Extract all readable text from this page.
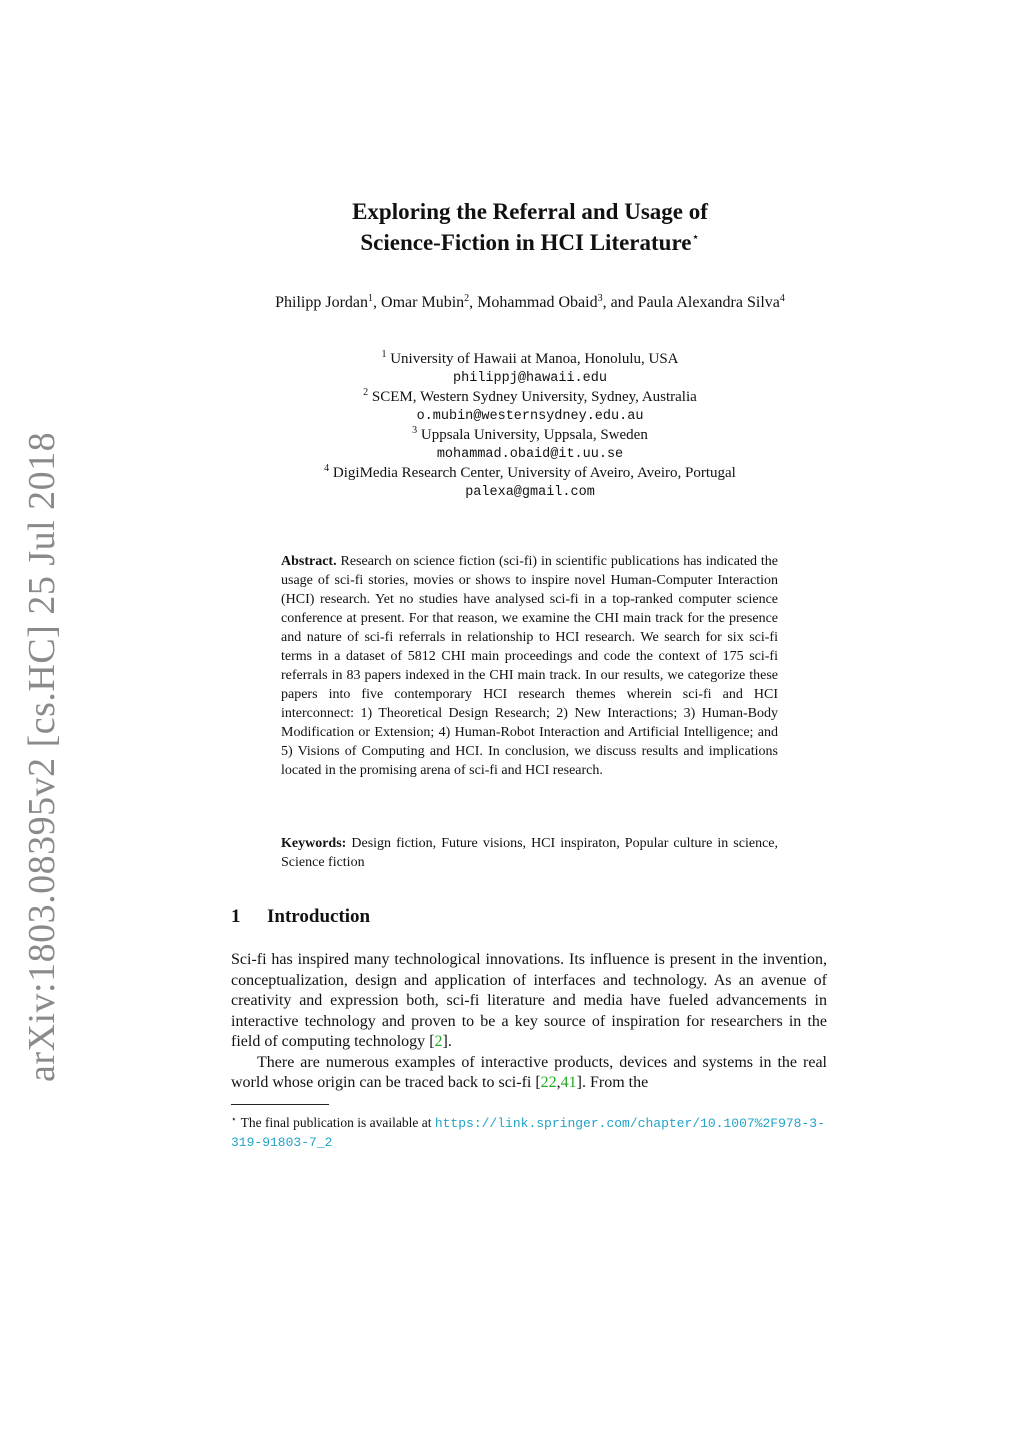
arXiv:1803.08395v2 [cs.HC] 25 Jul 2018
Exploring the Referral and Usage of
Science-Fiction in HCI Literature⋆
Philipp Jordan$^1$, Omar Mubin$^2$, Mohammad Obaid$^3$, and Paula Alexandra Silva$^4$
$^1$ University of Hawaii at Manoa, Honolulu, USA
philippj@hawaii.edu
$^2$ SCEM, Western Sydney University, Sydney, Australia
o.mubin@westernsydney.edu.au
$^3$ Uppsala University, Uppsala, Sweden
mohammad.obaid@it.uu.se
$^4$ DigiMedia Research Center, University of Aveiro, Aveiro, Portugal
palexa@gmail.com
Abstract. Research on science fiction (sci-fi) in scientific publications has indicated the usage of sci-fi stories, movies or shows to inspire novel Human-Computer Interaction (HCI) research. Yet no studies have analysed sci-fi in a top-ranked computer science conference at present. For that reason, we examine the CHI main track for the presence and nature of sci-fi referrals in relationship to HCI research. We search for six sci-fi terms in a dataset of 5812 CHI main proceedings and code the context of 175 sci-fi referrals in 83 papers indexed in the CHI main track. In our results, we categorize these papers into five contemporary HCI research themes wherein sci-fi and HCI interconnect: 1) Theoretical Design Research; 2) New Interactions; 3) Human-Body Modification or Extension; 4) Human-Robot Interaction and Artificial Intelligence; and 5) Visions of Computing and HCI. In conclusion, we discuss results and implications located in the promising arena of sci-fi and HCI research.
Keywords: Design fiction, Future visions, HCI inspiraton, Popular culture in science, Science fiction
1 Introduction

Sci-fi has inspired many technological innovations. Its influence is present in the invention, conceptualization, design and application of interfaces and technology. As an avenue of creativity and expression both, sci-fi literature and media have fueled advancements in interactive technology and proven to be a key source of inspiration for researchers in the field of computing technology [2].

There are numerous examples of interactive products, devices and systems in the real world whose origin can be traced back to sci-fi [22,41]. From the

⋆ The final publication is available at https://link.springer.com/chapter/10.1007%2F978-3-319-91803-7_2
